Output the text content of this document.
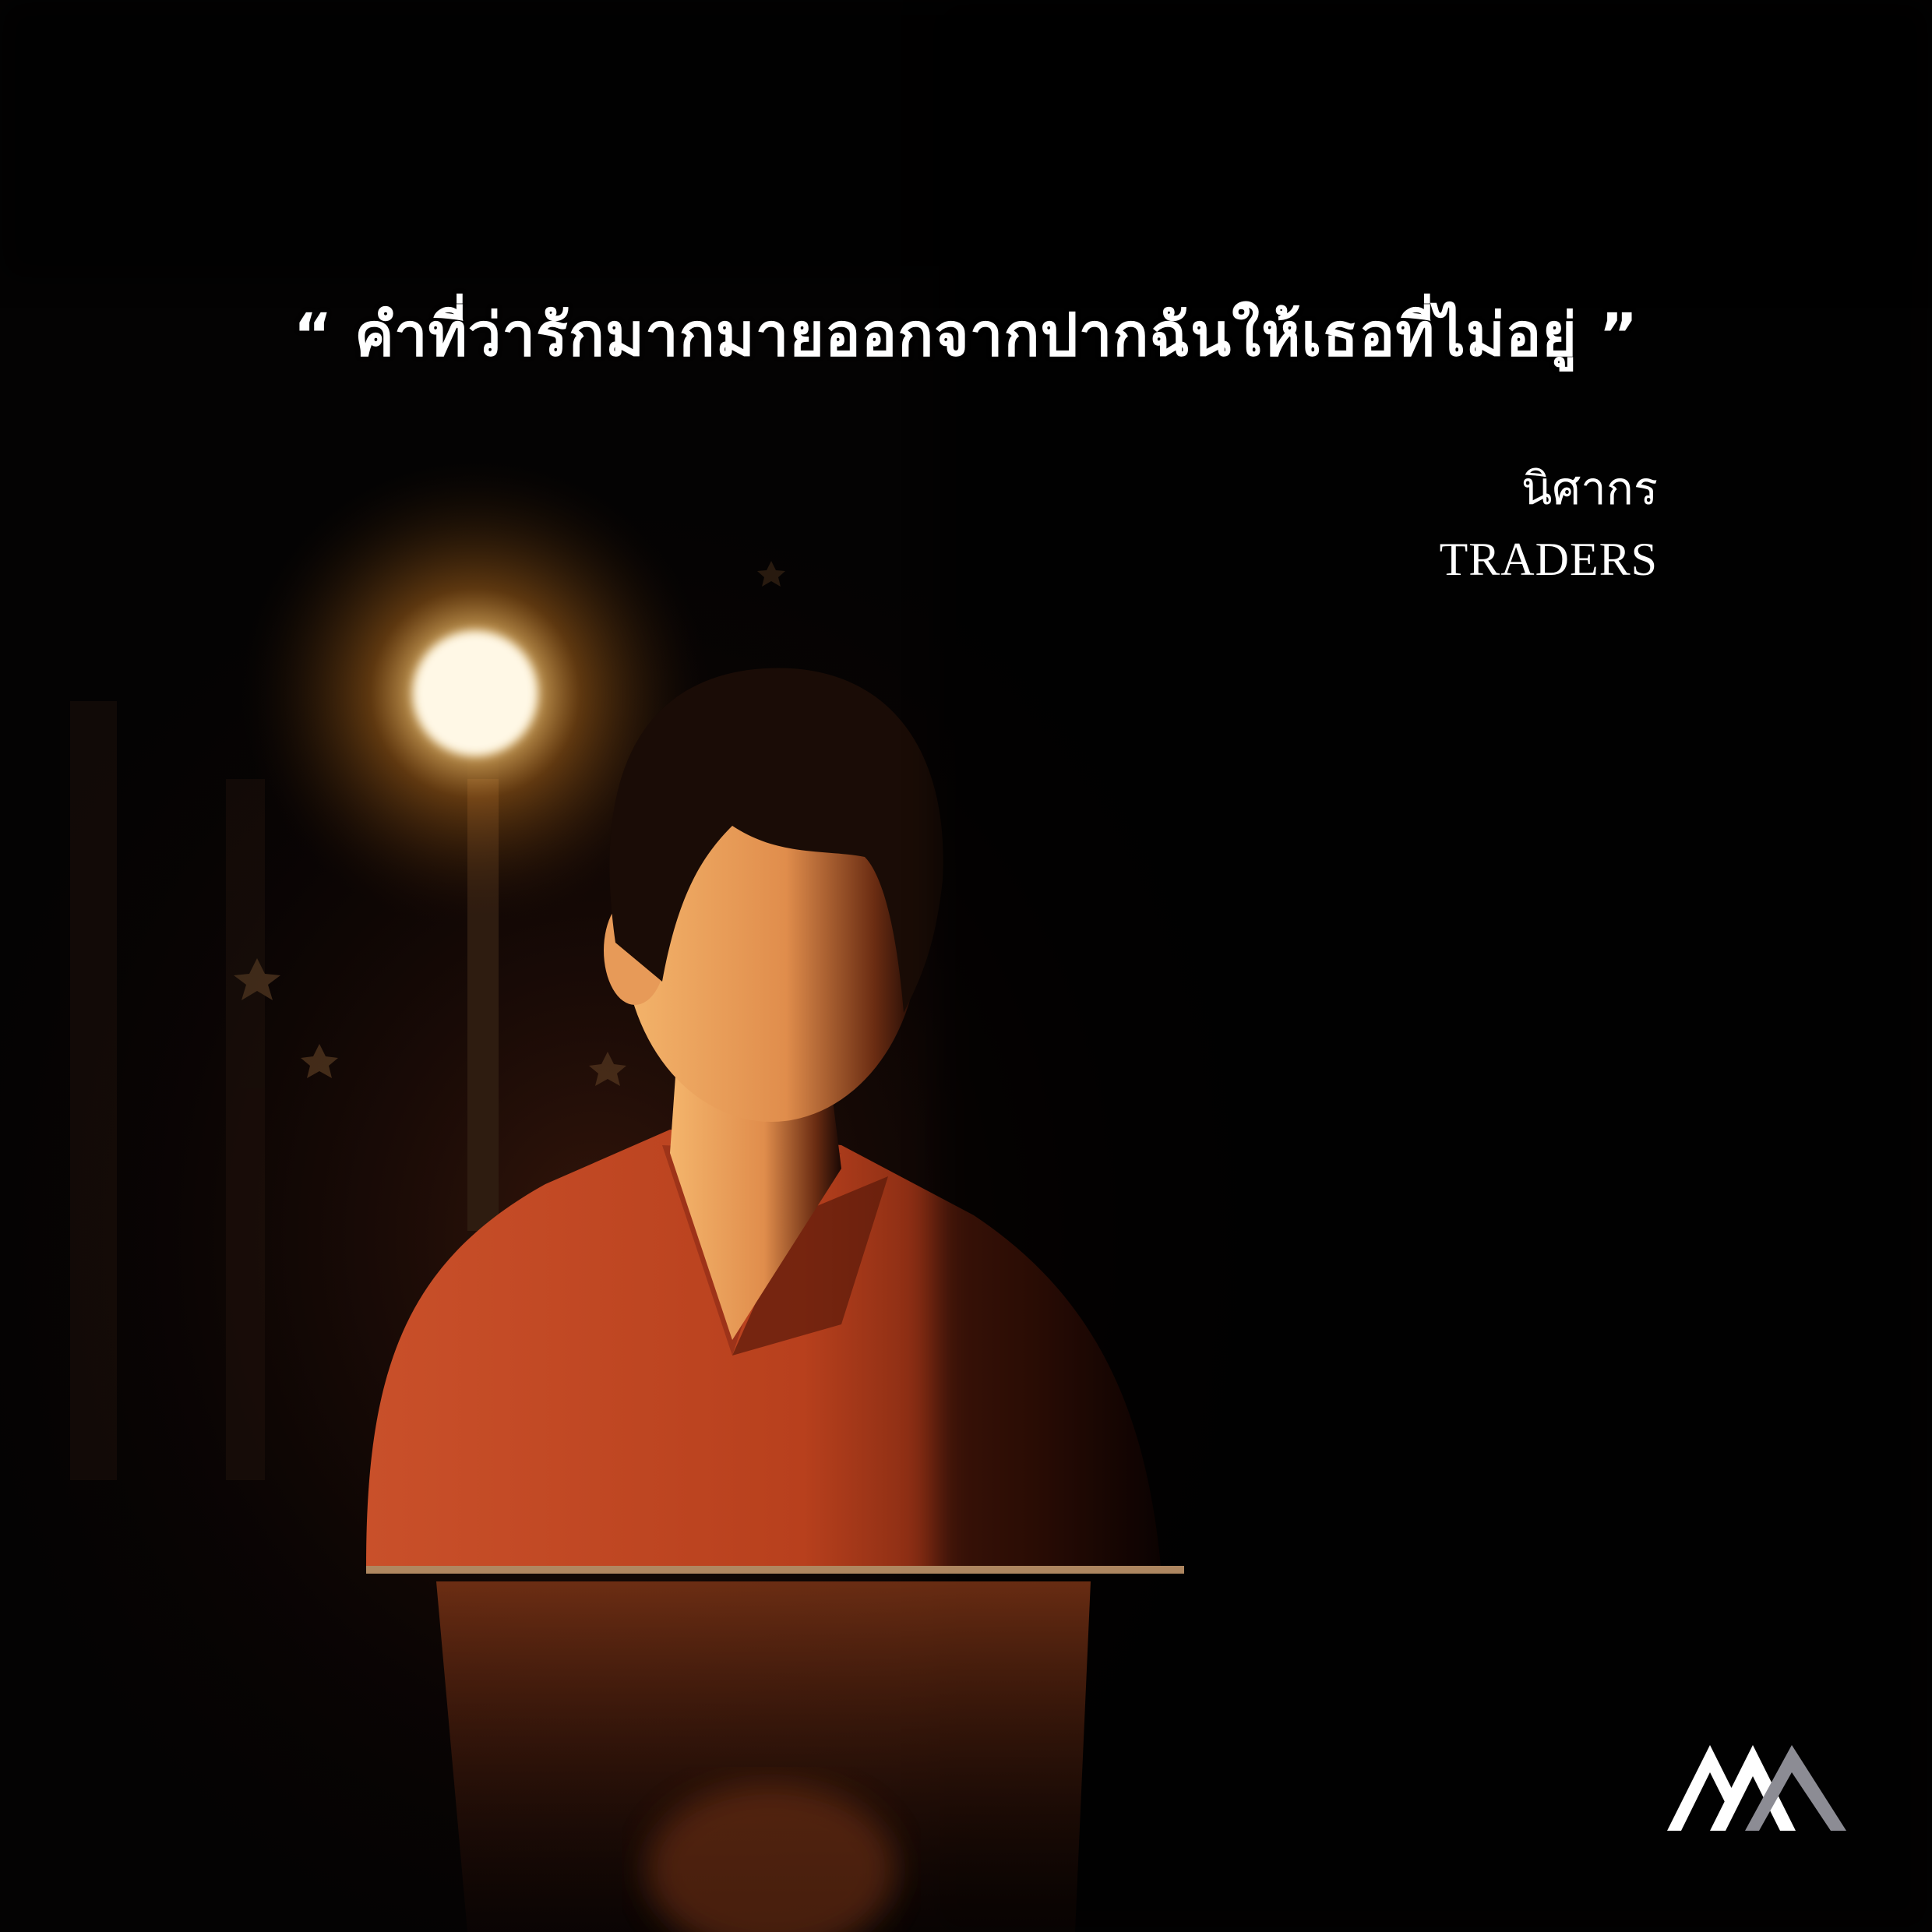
“ คำที่ว่ารักมากมายออกจากปากฉันให้เธอที่ไม่อยู่ ”
นิศากร
TRADERS
